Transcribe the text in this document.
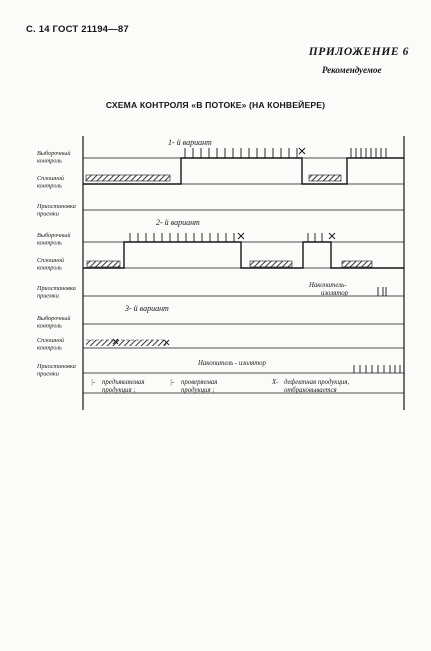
С. 14 ГОСТ 21194—87
ПРИЛОЖЕНИЕ 6
Рекомендуемое
СХЕМА КОНТРОЛЯ «В ПОТОКЕ» (НА КОНВЕЙЕРЕ)
Выборочный контроль
Сплошной контроль
Приостановка приемки
Выборочный контроль
Сплошной контроль
Приостановка приемки
Выборочный контроль
Сплошной контроль
Приостановка приемки
1- й вариант
2- й вариант
Накопитель-изолятор
3- й вариант
Накопитель - изолятор
|- предъявляемая продукция ;
|- проверяемая продукция ;
X- дефектная продукция, отбраковывается
